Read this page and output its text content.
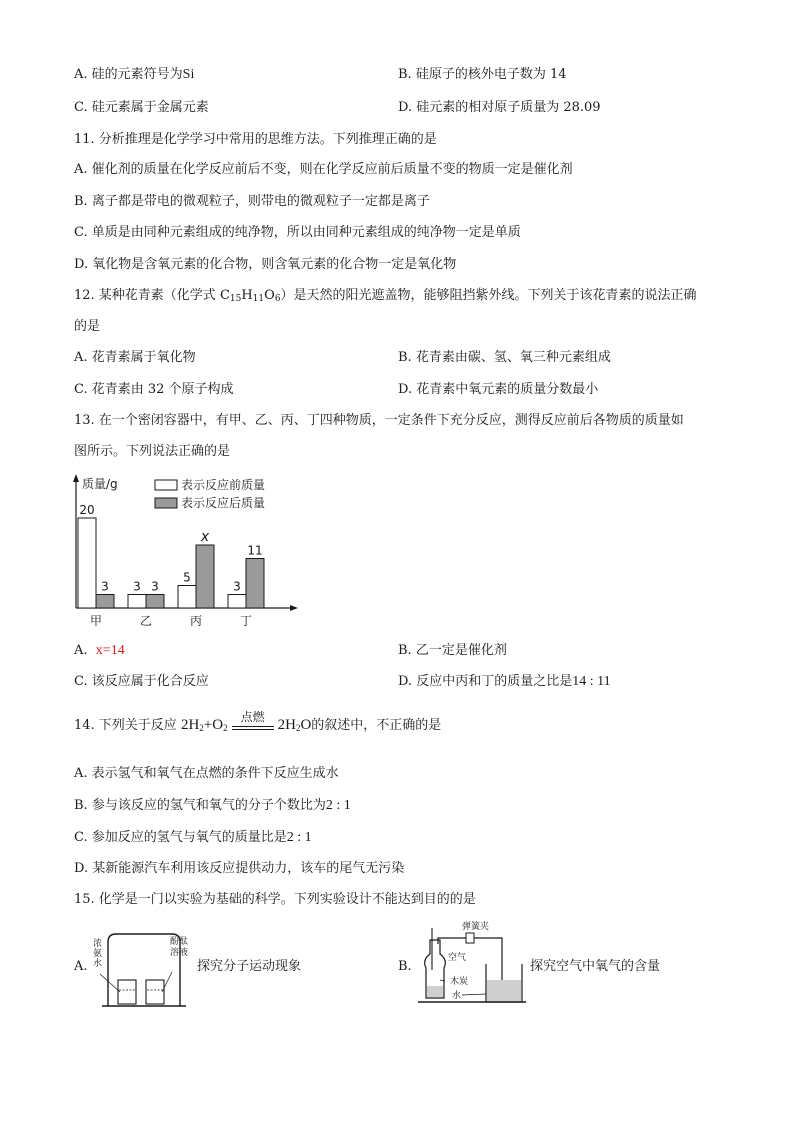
A. 硅的元素符号为Si	B. 硅原子的核外电子数为 14
C. 硅元素属于金属元素	D. 硅元素的相对原子质量为 28.09
11. 分析推理是化学学习中常用的思维方法。下列推理正确的是
A. 催化剂的质量在化学反应前后不变，则在化学反应前后质量不变的物质一定是催化剂
B. 离子都是带电的微观粒子，则带电的微观粒子一定都是离子
C. 单质是由同种元素组成的纯净物，所以由同种元素组成的纯净物一定是单质
D. 氧化物是含氧元素的化合物，则含氧元素的化合物一定是氧化物
12. 某种花青素（化学式 $C_{15}H_{11}O_6$）是天然的阳光遮盖物，能够阻挡紫外线。下列关于该花青素的说法正确
的是
A. 花青素属于氧化物	B. 花青素由碳、氢、氧三种元素组成
C. 花青素由 32 个原子构成	D. 花青素中氧元素的质量分数最小
13. 在一个密闭容器中，有甲、乙、丙、丁四种物质，一定条件下充分反应，测得反应前后各物质的质量如
图所示。下列说法正确的是
质量/g	表示反应前质量
表示反应后质量
20
3
甲
3 3
乙
5
x
丙
3
11
丁
A. x=14	B. 乙一定是催化剂
C. 该反应属于化合反应	D. 反应中丙和丁的质量之比是14 : 11
14. 下列关于反应 $2H_2+O_2$
点燃
$2H_2O$的叙述中，不正确的是
A. 表示氢气和氧气在点燃的条件下反应生成水
B. 参与该反应的氢气和氧气的分子个数比为2 : 1
C. 参加反应的氢气与氧气的质量比是2 : 1
D. 某新能源汽车利用该反应提供动力，该车的尾气无污染
15. 化学是一门以实验为基础的科学。下列实验设计不能达到目的的是
A.
浓氨水
酚酞溶液
探究分子运动现象	B.
弹簧夹
空气
木炭
水
探究空气中氧气的含量
